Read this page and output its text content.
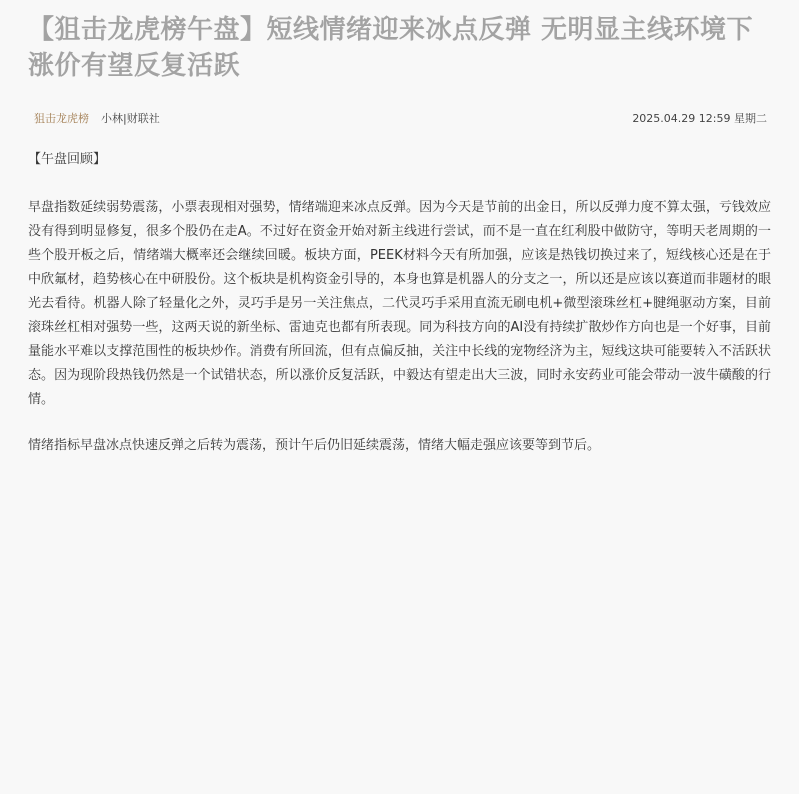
【狙击龙虎榜午盘】短线情绪迎来冰点反弹 无明显主线环境下涨价有望反复活跃
狙击龙虎榜 小林|财联社	2025.04.29 12:59 星期二
【午盘回顾】

早盘指数延续弱势震荡，小票表现相对强势，情绪端迎来冰点反弹。因为今天是节前的出金日，所以反弹力度不算太强，亏钱效应没有得到明显修复，很多个股仍在走A。不过好在资金开始对新主线进行尝试，而不是一直在红利股中做防守，等明天老周期的一些个股开板之后，情绪端大概率还会继续回暖。板块方面，PEEK材料今天有所加强，应该是热钱切换过来了，短线核心还是在于中欣氟材，趋势核心在中研股份。这个板块是机构资金引导的，本身也算是机器人的分支之一，所以还是应该以赛道而非题材的眼光去看待。机器人除了轻量化之外，灵巧手是另一关注焦点，二代灵巧手采用直流无刷电机+微型滚珠丝杠+腱绳驱动方案，目前滚珠丝杠相对强势一些，这两天说的新坐标、雷迪克也都有所表现。同为科技方向的AI没有持续扩散炒作方向也是一个好事，目前量能水平难以支撑范围性的板块炒作。消费有所回流，但有点偏反抽，关注中长线的宠物经济为主，短线这块可能要转入不活跃状态。因为现阶段热钱仍然是一个试错状态，所以涨价反复活跃，中毅达有望走出大三波，同时永安药业可能会带动一波牛磺酸的行情。

情绪指标早盘冰点快速反弹之后转为震荡，预计午后仍旧延续震荡，情绪大幅走强应该要等到节后。
